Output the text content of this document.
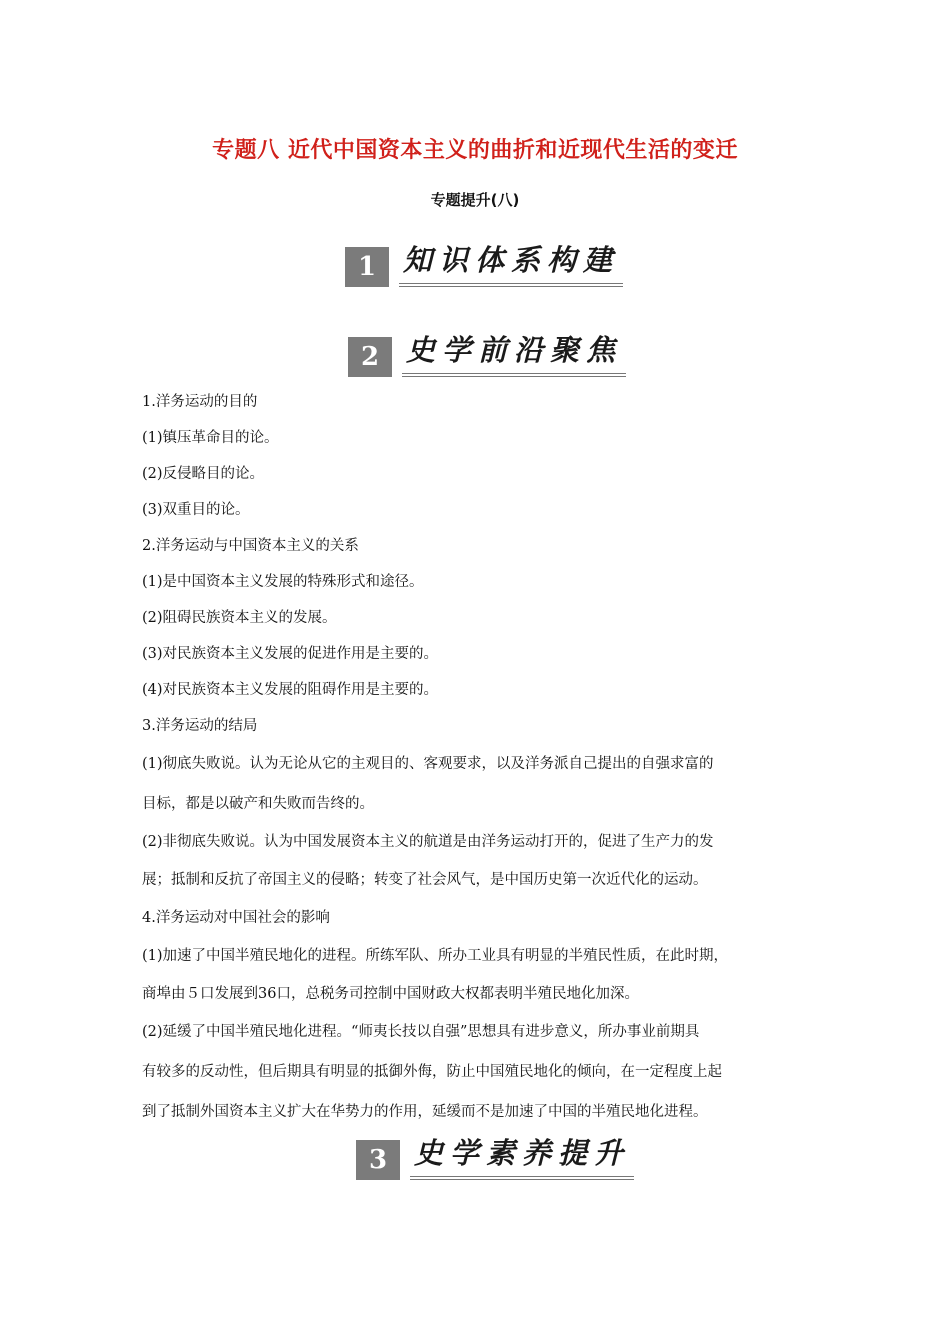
专题八 近代中国资本主义的曲折和近现代生活的变迁
专题提升(八)
1 知识体系构建
2 史学前沿聚焦
1.洋务运动的目的
(1)镇压革命目的论。
(2)反侵略目的论。
(3)双重目的论。
2.洋务运动与中国资本主义的关系
(1)是中国资本主义发展的特殊形式和途径。
(2)阻碍民族资本主义的发展。
(3)对民族资本主义发展的促进作用是主要的。
(4)对民族资本主义发展的阻碍作用是主要的。
3.洋务运动的结局
(1)彻底失败说。认为无论从它的主观目的、客观要求，以及洋务派自己提出的自强求富的
目标，都是以破产和失败而告终的。
(2)非彻底失败说。认为中国发展资本主义的航道是由洋务运动打开的，促进了生产力的发
展；抵制和反抗了帝国主义的侵略；转变了社会风气，是中国历史第一次近代化的运动。
4.洋务运动对中国社会的影响
(1)加速了中国半殖民地化的进程。所练军队、所办工业具有明显的半殖民性质，在此时期，
商埠由５口发展到36口，总税务司控制中国财政大权都表明半殖民地化加深。
(2)延缓了中国半殖民地化进程。“师夷长技以自强”思想具有进步意义，所办事业前期具
有较多的反动性，但后期具有明显的抵御外侮，防止中国殖民地化的倾向，在一定程度上起
到了抵制外国资本主义扩大在华势力的作用，延缓而不是加速了中国的半殖民地化进程。
3 史学素养提升
